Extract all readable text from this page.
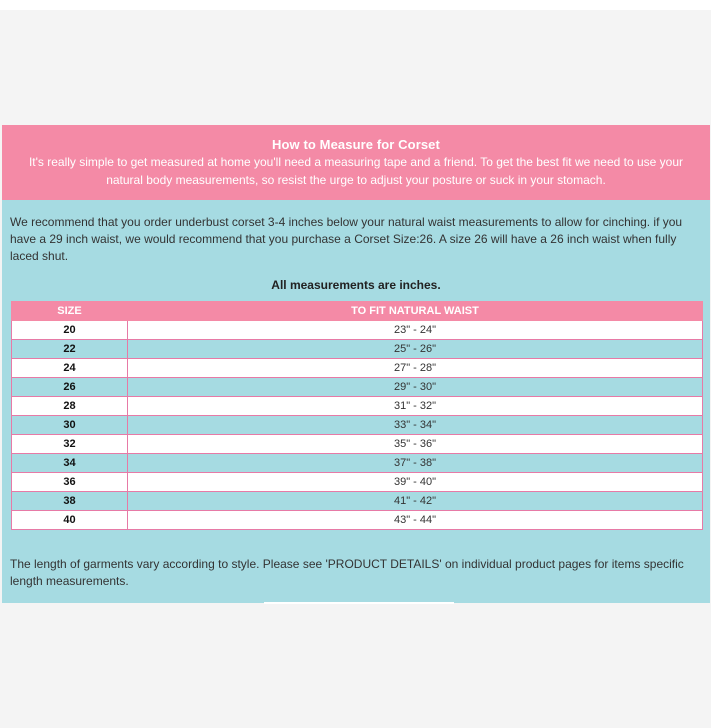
How to Measure for Corset
It's really simple to get measured at home you'll need a measuring tape and a friend. To get the best fit we need to use your natural body measurements, so resist the urge to adjust your posture or suck in your stomach.
We recommend that you order underbust corset 3-4 inches below your natural waist measurements to allow for cinching. if you have a 29 inch waist, we would recommend that you purchase a Corset Size:26. A size 26 will have a 26 inch waist when fully laced shut.
All measurements are inches.
SIZE	TO FIT NATURAL WAIST
20	23" - 24"
22	25" - 26"
24	27" - 28"
26	29" - 30"
28	31" - 32"
30	33" - 34"
32	35" - 36"
34	37" - 38"
36	39" - 40"
38	41" - 42"
40	43" - 44"
The length of garments vary according to style. Please see 'PRODUCT DETAILS' on individual product pages for items specific length measurements.
